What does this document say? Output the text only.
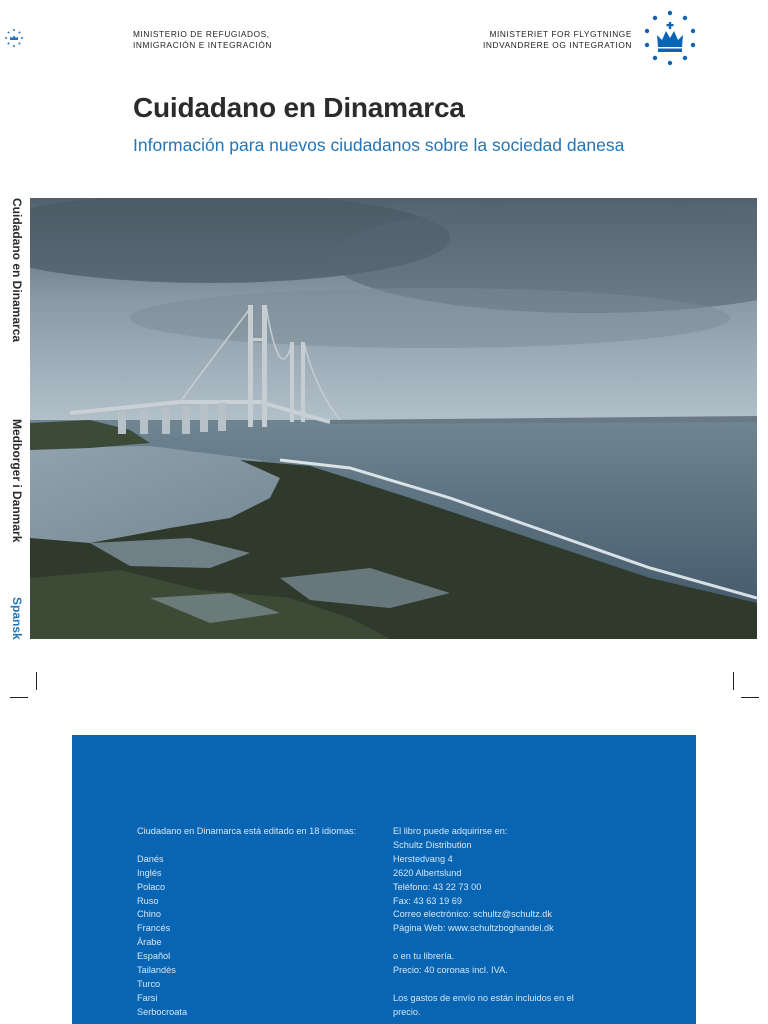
MINISTERIO DE REFUGIADOS,
INMIGRACIÓN E INTEGRACIÓN
MINISTERIET FOR FLYGTNINGE
INDVANDRERE OG INTEGRATION
Cuidadano en Dinamarca
Información para nuevos ciudadanos sobre la sociedad danesa
Cuidadano en Dinamarca
Medborger i Danmark
Spansk

Ciudadano en Dinamarca está editado en 18 idiomas:

Danés

Inglés

Polaco

Ruso

Chino

Francés

Árabe

Español

Tailandés

Turco

Farsi

Serbocroata

El libro puede adquirirse en:

Schultz Distribution

Herstedvang 4

2620 Albertslund

Teléfono: 43 22 73 00

Fax: 43 63 19 69

Correo electrónico: schultz@schultz.dk

Página Web: www.schultzboghandel.dk

o en tu librería.

Precio: 40 coronas incl. IVA.

Los gastos de envío no están incluidos en el

precio.
